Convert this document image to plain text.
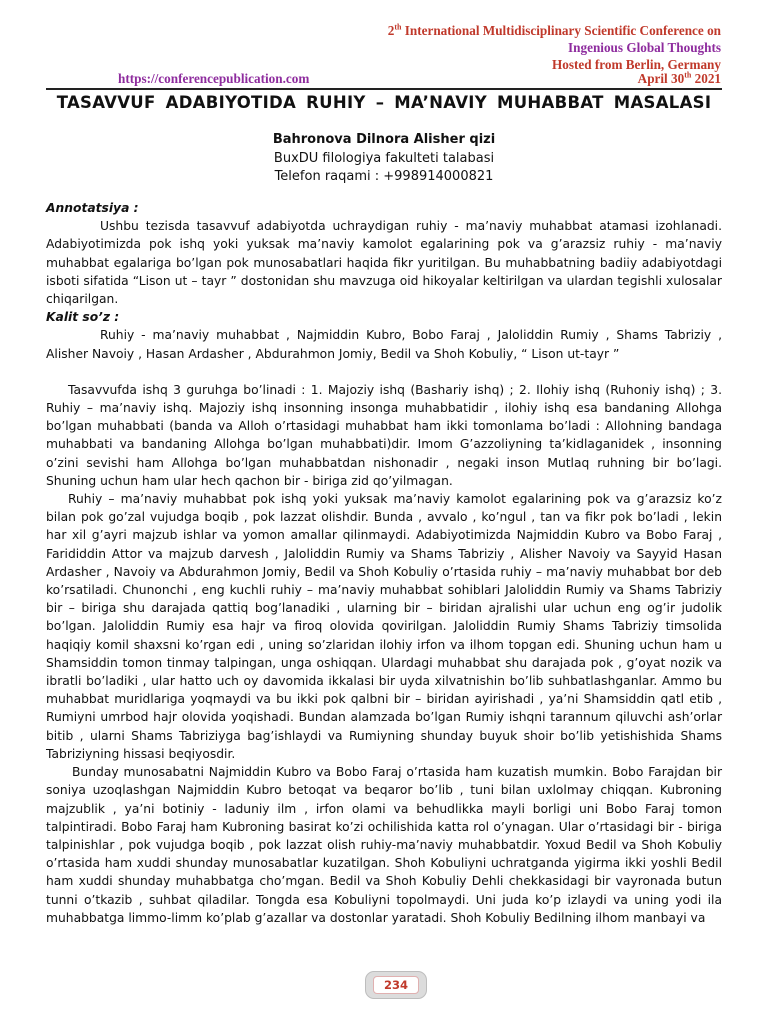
2th International Multidisciplinary Scientific Conference on
Ingenious Global Thoughts
Hosted from Berlin, Germany
https://conferencepublication.com	April 30th 2021
TASAVVUF ADABIYOTIDA RUHIY – MA’NAVIY MUHABBAT MASALASI
Bahronova Dilnora Alisher qizi
BuxDU filologiya fakulteti talabasi
Telefon raqami : +998914000821
Annotatsiya :

Ushbu tezisda tasavvuf adabiyotda uchraydigan ruhiy - ma’naviy muhabbat atamasi izohlanadi. Adabiyotimizda pok ishq yoki yuksak ma’naviy kamolot egalarining pok va g’arazsiz ruhiy - ma’naviy muhabbat egalariga bo’lgan pok munosabatlari haqida fikr yuritilgan. Bu muhabbatning badiiy adabiyotdagi isboti sifatida “Lison ut – tayr ” dostonidan shu mavzuga oid hikoyalar keltirilgan va ulardan tegishli xulosalar chiqarilgan.

Kalit so’z :

Ruhiy - ma’naviy muhabbat , Najmiddin Kubro, Bobo Faraj , Jaloliddin Rumiy , Shams Tabriziy , Alisher Navoiy , Hasan Ardasher , Abdurahmon Jomiy, Bedil va Shoh Kobuliy, “ Lison ut-tayr ”

Tasavvufda ishq 3 guruhga bo’linadi : 1. Majoziy ishq (Bashariy ishq) ; 2. Ilohiy ishq (Ruhoniy ishq) ; 3. Ruhiy – ma’naviy ishq. Majoziy ishq insonning insonga muhabbatidir , ilohiy ishq esa bandaning Allohga bo’lgan muhabbati (banda va Alloh o’rtasidagi muhabbat ham ikki tomonlama bo’ladi : Allohning bandaga muhabbati va bandaning Allohga bo’lgan muhabbati)dir. Imom G’azzoliyning ta’kidlaganidek , insonning o’zini sevishi ham Allohga bo’lgan muhabbatdan nishonadir , negaki inson Mutlaq ruhning bir bo’lagi. Shuning uchun ham ular hech qachon bir - biriga zid qo’yilmagan.

Ruhiy – ma’naviy muhabbat pok ishq yoki yuksak ma’naviy kamolot egalarining pok va g’arazsiz ko’z bilan pok go’zal vujudga boqib , pok lazzat olishdir. Bunda , avvalo , ko’ngul , tan va fikr pok bo’ladi , lekin har xil g’ayri majzub ishlar va yomon amallar qilinmaydi. Adabiyotimizda Najmiddin Kubro va Bobo Faraj , Farididdin Attor va majzub darvesh , Jaloliddin Rumiy va Shams Tabriziy , Alisher Navoiy va Sayyid Hasan Ardasher , Navoiy va Abdurahmon Jomiy, Bedil va Shoh Kobuliy o’rtasida ruhiy – ma’naviy muhabbat bor deb ko’rsatiladi. Chunonchi , eng kuchli ruhiy – ma’naviy muhabbat sohiblari Jaloliddin Rumiy va Shams Tabriziy bir – biriga shu darajada qattiq bog’lanadiki , ularning bir – biridan ajralishi ular uchun eng og’ir judolik bo’lgan. Jaloliddin Rumiy esa hajr va firoq olovida qovirilgan. Jaloliddin Rumiy Shams Tabriziy timsolida haqiqiy komil shaxsni ko’rgan edi , uning so’zlaridan ilohiy irfon va ilhom topgan edi. Shuning uchun ham u Shamsiddin tomon tinmay talpingan, unga oshiqqan. Ulardagi muhabbat shu darajada pok , g’oyat nozik va ibratli bo’ladiki , ular hatto uch oy davomida ikkalasi bir uyda xilvatnishin bo’lib suhbatlashganlar. Ammo bu muhabbat muridlariga yoqmaydi va bu ikki pok qalbni bir – biridan ayirishadi , ya’ni Shamsiddin qatl etib , Rumiyni umrbod hajr olovida yoqishadi. Bundan alamzada bo’lgan Rumiy ishqni tarannum qiluvchi ash’orlar bitib , ularni Shams Tabriziyga bag’ishlaydi va Rumiyning shunday buyuk shoir bo’lib yetishishida Shams Tabriziyning hissasi beqiyosdir.

Bunday munosabatni Najmiddin Kubro va Bobo Faraj o’rtasida ham kuzatish mumkin. Bobo Farajdan bir soniya uzoqlashgan Najmiddin Kubro betoqat va beqaror bo’lib , tuni bilan uxlolmay chiqqan. Kubroning majzublik , ya’ni botiniy - laduniy ilm , irfon olami va behudlikka mayli borligi uni Bobo Faraj tomon talpintiradi. Bobo Faraj ham Kubroning basirat ko’zi ochilishida katta rol o’ynagan. Ular o’rtasidagi bir - biriga talpinishlar , pok vujudga boqib , pok lazzat olish ruhiy-ma’naviy muhabbatdir. Yoxud Bedil va Shoh Kobuliy o’rtasida ham xuddi shunday munosabatlar kuzatilgan. Shoh Kobuliyni uchratganda yigirma ikki yoshli Bedil ham xuddi shunday muhabbatga cho’mgan. Bedil va Shoh Kobuliy Dehli chekkasidagi bir vayronada butun tunni o’tkazib , suhbat qiladilar. Tongda esa Kobuliyni topolmaydi. Uni juda ko’p izlaydi va uning yodi ila muhabbatga limmo-limm ko’plab g’azallar va dostonlar yaratadi. Shoh Kobuliy Bedilning ilhom manbayi va

234
